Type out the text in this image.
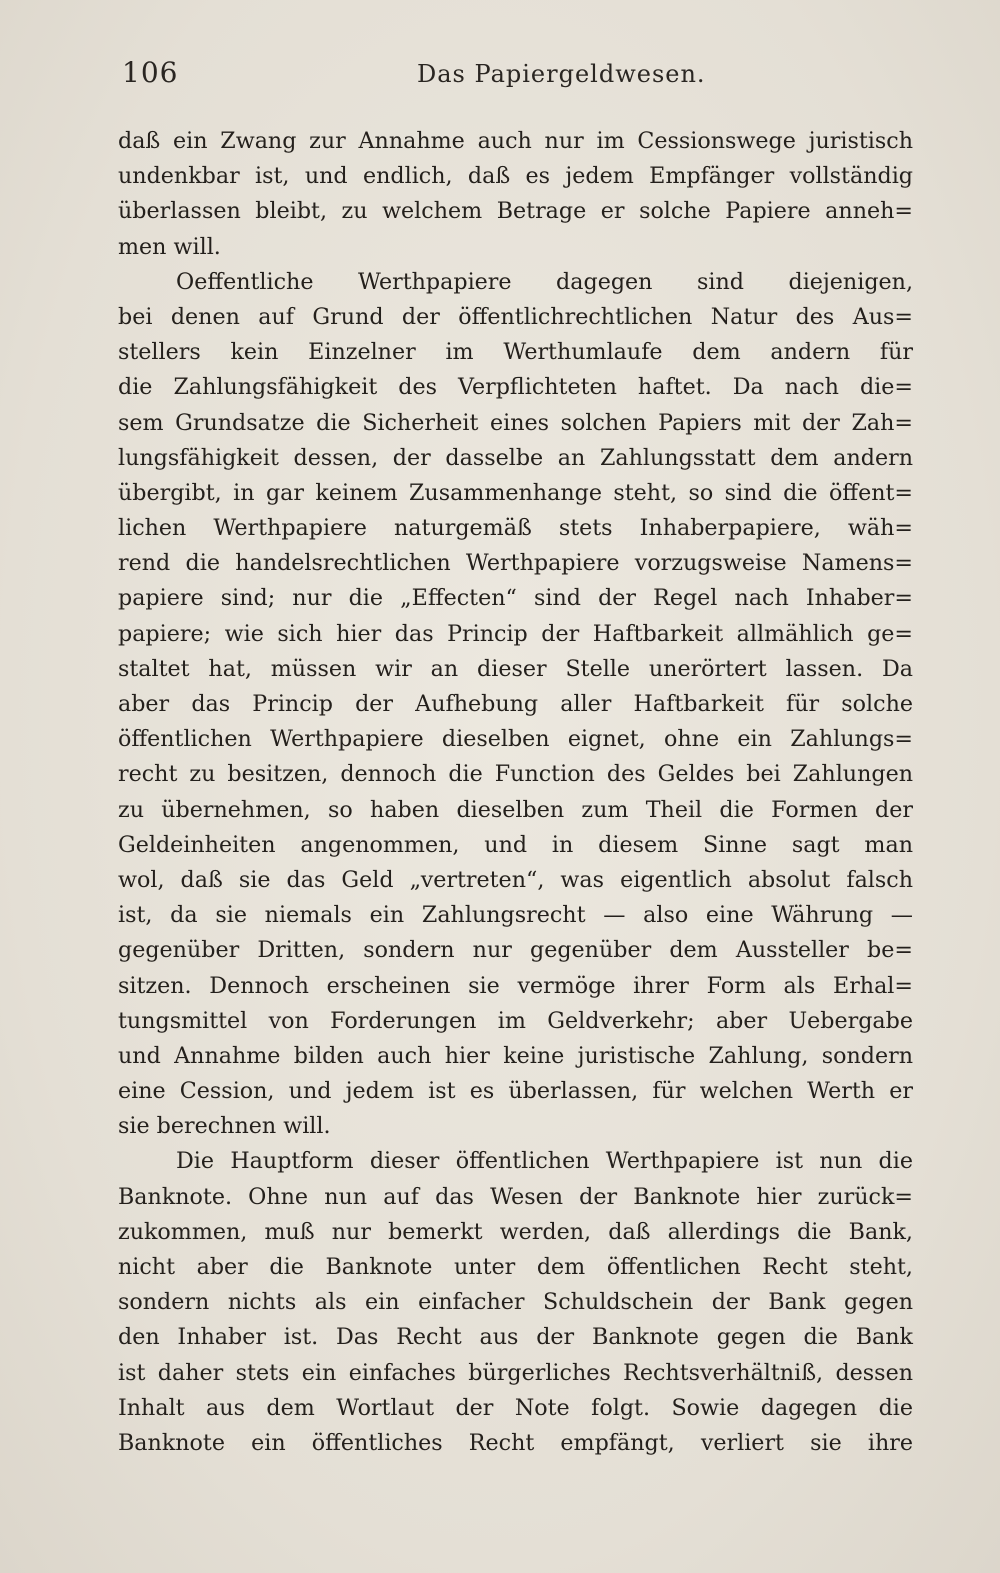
106	Das Papiergeldwesen.
daß ein Zwang zur Annahme auch nur im Cessionswege juristisch
undenkbar ist, und endlich, daß es jedem Empfänger vollständig
überlassen bleibt, zu welchem Betrage er solche Papiere anneh=
men will.
Oeffentliche Werthpapiere dagegen sind diejenigen,
bei denen auf Grund der öffentlichrechtlichen Natur des Aus=
stellers kein Einzelner im Werthumlaufe dem andern für
die Zahlungsfähigkeit des Verpflichteten haftet. Da nach die=
sem Grundsatze die Sicherheit eines solchen Papiers mit der Zah=
lungsfähigkeit dessen, der dasselbe an Zahlungsstatt dem andern
übergibt, in gar keinem Zusammenhange steht, so sind die öffent=
lichen Werthpapiere naturgemäß stets Inhaberpapiere, wäh=
rend die handelsrechtlichen Werthpapiere vorzugsweise Namens=
papiere sind; nur die „Effecten“ sind der Regel nach Inhaber=
papiere; wie sich hier das Princip der Haftbarkeit allmählich ge=
staltet hat, müssen wir an dieser Stelle unerörtert lassen. Da
aber das Princip der Aufhebung aller Haftbarkeit für solche
öffentlichen Werthpapiere dieselben eignet, ohne ein Zahlungs=
recht zu besitzen, dennoch die Function des Geldes bei Zahlungen
zu übernehmen, so haben dieselben zum Theil die Formen der
Geldeinheiten angenommen, und in diesem Sinne sagt man
wol, daß sie das Geld „vertreten“, was eigentlich absolut falsch
ist, da sie niemals ein Zahlungsrecht — also eine Währung —
gegenüber Dritten, sondern nur gegenüber dem Aussteller be=
sitzen. Dennoch erscheinen sie vermöge ihrer Form als Erhal=
tungsmittel von Forderungen im Geldverkehr; aber Uebergabe
und Annahme bilden auch hier keine juristische Zahlung, sondern
eine Cession, und jedem ist es überlassen, für welchen Werth er
sie berechnen will.
Die Hauptform dieser öffentlichen Werthpapiere ist nun die
Banknote. Ohne nun auf das Wesen der Banknote hier zurück=
zukommen, muß nur bemerkt werden, daß allerdings die Bank,
nicht aber die Banknote unter dem öffentlichen Recht steht,
sondern nichts als ein einfacher Schuldschein der Bank gegen
den Inhaber ist. Das Recht aus der Banknote gegen die Bank
ist daher stets ein einfaches bürgerliches Rechtsverhältniß, dessen
Inhalt aus dem Wortlaut der Note folgt. Sowie dagegen die
Banknote ein öffentliches Recht empfängt, verliert sie ihre
